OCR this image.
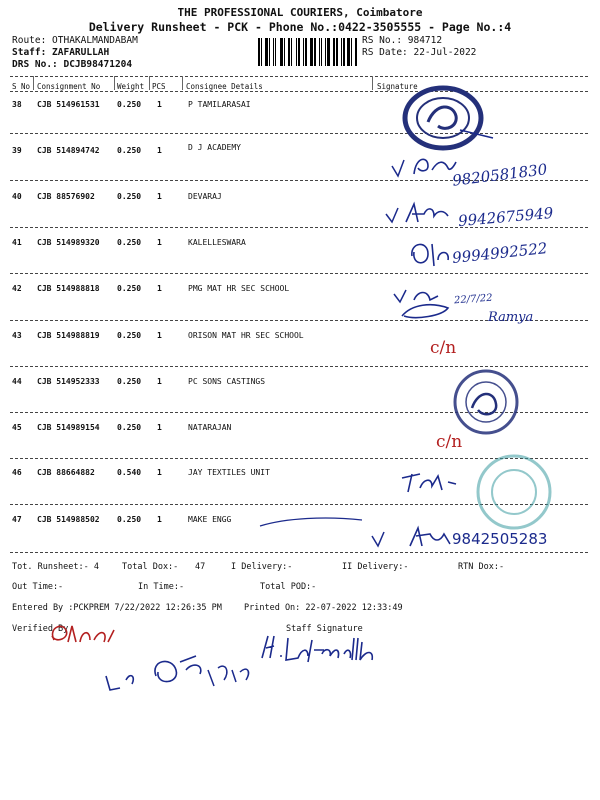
THE PROFESSIONAL COURIERS, Coimbatore
Delivery Runsheet - PCK - Phone No.:0422-3505555 - Page No.:4
Route: OTHAKALMANDABAM
Staff: ZAFARULLAH
DRS No.: DCJB98471204
RS No.: 984712
RS Date: 22-Jul-2022
S No Consignment No Weight PCS	Consignee Details	Signature
38 CJB 514961531 0.250 1	P TAMILARASAI
39 CJB 514894742 0.250 1	D J ACADEMY
40 CJB 88576902	0.250 1	DEVARAJ
41 CJB 514989320 0.250 1	KALELLESWARA
42 CJB 514988818 0.250 1	PMG MAT HR SEC SCHOOL
43 CJB 514988819 0.250 1	ORISON MAT HR SEC SCHOOL
44 CJB 514952333 0.250 1	PC SONS CASTINGS
45 CJB 514989154 0.250 1	NATARAJAN
46 CJB 88664882	0.540 1	JAY TEXTILES UNIT
47 CJB 514988502 0.250 1	MAKE ENGG
9820581830
9942675949
9994992522
22/7/22
Ramya
c/n
c/n
9842505283
Tot. Runsheet:- 4	Total Dox:- 47	I Delivery:-	II Delivery:-	RTN Dox:-
Out Time:-	In Time:-	Total POD:-
Entered By :PCKPREM 7/22/2022 12:26:35 PM	Printed On: 22-07-2022 12:33:49
Verified By	Staff Signature
